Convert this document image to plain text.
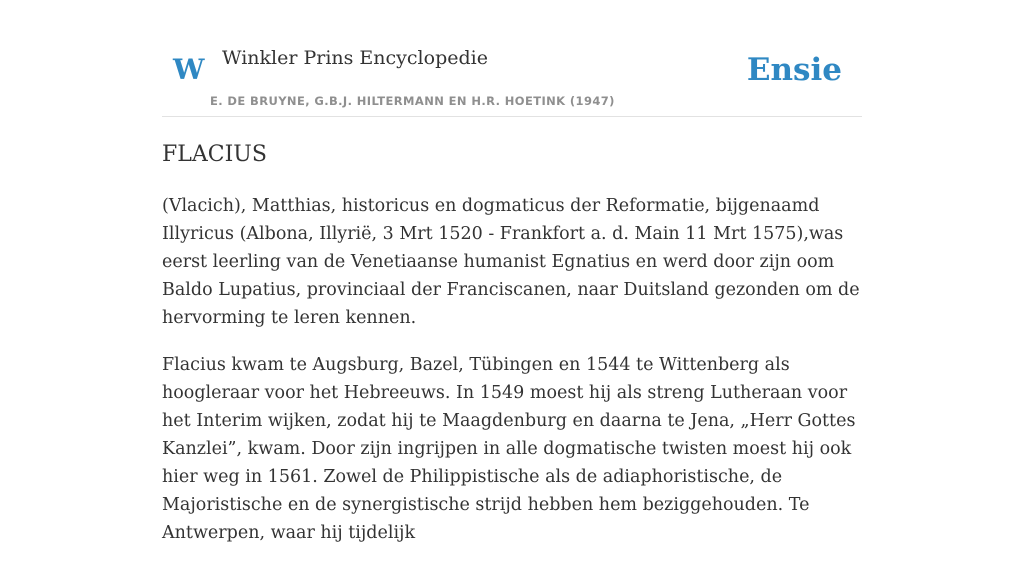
W Winkler Prins Encyclopedie
E. DE BRUYNE, G.B.J. HILTERMANN EN H.R. HOETINK (1947)
Ensie
FLACIUS

(Vlacich), Matthias, historicus en dogmaticus der Reformatie, bijgenaamd Illyricus (Albona, Illyrië, 3 Mrt 1520 - Frankfort a. d. Main 11 Mrt 1575),was eerst leerling van de Venetiaanse humanist Egnatius en werd door zijn oom Baldo Lupatius, provinciaal der Franciscanen, naar Duitsland gezonden om de hervorming te leren kennen.

Flacius kwam te Augsburg, Bazel, Tübingen en 1544 te Wittenberg als hoogleraar voor het Hebreeuws. In 1549 moest hij als streng Lutheraan voor het Interim wijken, zodat hij te Maagdenburg en daarna te Jena, „Herr Gottes Kanzlei”, kwam. Door zijn ingrijpen in alle dogmatische twisten moest hij ook hier weg in 1561. Zowel de Philippistische als de adiaphoristische, de Majoristische en de synergistische strijd hebben hem beziggehouden. Te Antwerpen, waar hij tijdelijk
